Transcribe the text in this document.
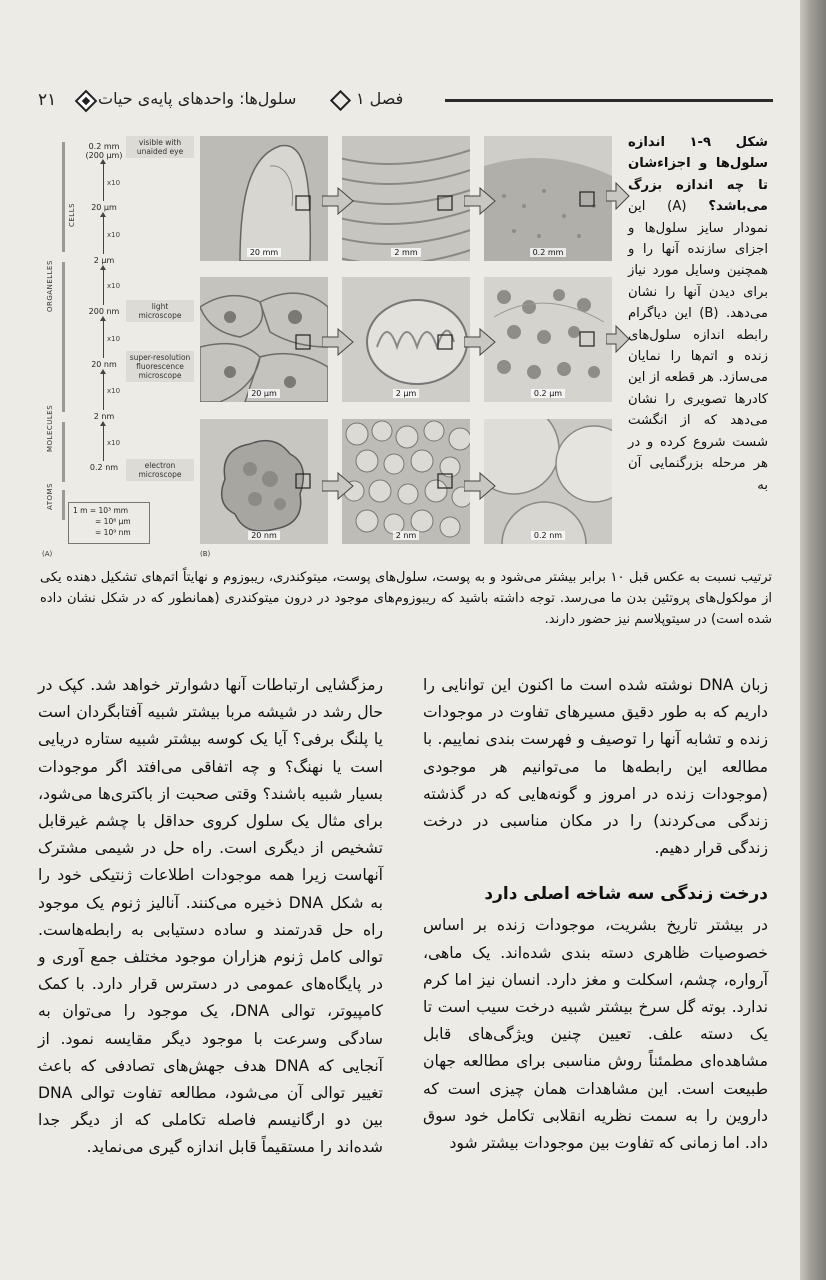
۲۱	سلول‌ها: واحدهای پایه‌ی حیات	فصل ۱
CELLS
ORGANELLES
MOLECULES
ATOMS
0.2 mm
(200 µm)
20 µm
2 µm
200 nm
20 nm
2 nm
0.2 nm
x10
x10
x10
x10
x10
x10
visible with
unaided eye
light
microscope
super-resolution
fluorescence
microscope
electron
microscope
1 m = 10³ mm
= 10⁶ µm
= 10⁹ nm
(A)	(B)
20 mm	2 mm	0.2 mm
20 µm	2 µm	0.2 µm
20 nm	2 nm	0.2 nm
شکل ۹-۱ اندازه سلول‌ها و اجزاءشان تا چه اندازه بزرگ می‌باشد؟ (A) این نمودار سایز سلول‌ها و اجزای سازنده آنها را و همچنین وسایل مورد نیاز برای دیدن آنها را نشان می‌دهد. (B) این دیاگرام رابطه اندازه سلول‌های زنده و اتم‌ها را نمایان می‌سازد. هر قطعه از این کادرها تصویری را نشان می‌دهد که از انگشت شست شروع کرده و در هر مرحله بزرگنمایی آن به
ترتیب نسبت به عکس قبل ۱۰ برابر بیشتر می‌شود و به پوست، سلول‌های پوست، میتوکندری، ریبوزوم و نهایتاً اتم‌های تشکیل دهنده یکی از مولکول‌های پروتئین بدن ما می‌رسد. توجه داشته باشید که ریبوزوم‌های موجود در درون میتوکندری (همانطور که در شکل نشان داده شده است) در سیتوپلاسم نیز حضور دارند.

زبان DNA نوشته شده است ما اکنون این توانایی را داریم که به طور دقیق مسیرهای تفاوت در موجودات زنده و تشابه آنها را توصیف و فهرست بندی نماییم. با مطالعه این رابطه‌ها ما می‌توانیم هر موجودی (موجودات زنده در امروز و گونه‌هایی که در گذشته زندگی می‌کردند) را در مکان مناسبی در درخت زندگی قرار دهیم.

درخت زندگی سه شاخه اصلی دارد

در بیشتر تاریخ بشریت، موجودات زنده بر اساس خصوصیات ظاهری دسته بندی شده‌اند. یک ماهی، آرواره، چشم، اسکلت و مغز دارد. انسان نیز اما کرم ندارد. بوته گل سرخ بیشتر شبیه درخت سیب است تا یک دسته علف. تعیین چنین ویژگی‌های قابل مشاهده‌ای مطمئناً روش مناسبی برای مطالعه جهان طبیعت است. این مشاهدات همان چیزی است که داروین را به سمت نظریه انقلابی تکامل خود سوق داد. اما زمانی که تفاوت بین موجودات بیشتر شود

رمزگشایی ارتباطات آنها دشوارتر خواهد شد. کپک در حال رشد در شیشه مربا بیشتر شبیه آفتابگردان است یا پلنگ برفی؟ آیا یک کوسه بیشتر شبیه ستاره دریایی است یا نهنگ؟ و چه اتفاقی می‌افتد اگر موجودات بسیار شبیه باشند؟ وقتی صحبت از باکتری‌ها می‌شود، برای مثال یک سلول کروی حداقل با چشم غیرقابل تشخیص از دیگری است. راه حل در شیمی مشترک آنهاست زیرا همه موجودات اطلاعات ژنتیکی خود را به شکل DNA ذخیره می‌کنند. آنالیز ژنوم یک موجود راه حل قدرتمند و ساده دستیابی به رابطه‌هاست. توالی کامل ژنوم هزاران موجود مختلف جمع آوری و در پایگاه‌های عمومی در دسترس قرار دارد. با کمک کامپیوتر، توالی DNA، یک موجود را می‌توان به سادگی وسرعت با موجود دیگر مقایسه نمود. از آنجایی که DNA هدف جهش‌های تصادفی که باعث تغییر توالی آن می‌شود، مطالعه تفاوت توالی DNA بین دو ارگانیسم فاصله تکاملی که از دیگر جدا شده‌اند را مستقیماً قابل اندازه گیری می‌نماید.
